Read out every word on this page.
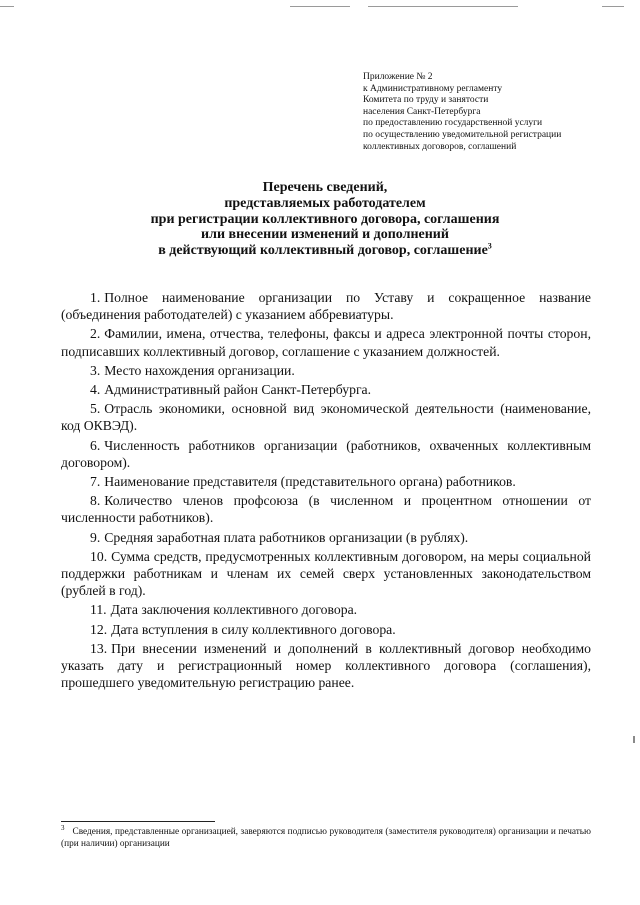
Приложение № 2
к Административному регламенту
Комитета по труду и занятости
населения Санкт-Петербурга
по предоставлению государственной услуги
по осуществлению уведомительной регистрации
коллективных договоров, соглашений
Перечень сведений,
представляемых работодателем
при регистрации коллективного договора, соглашения
или внесении изменений и дополнений
в действующий коллективный договор, соглашение$^3$

1. Полное наименование организации по Уставу и сокращенное название (объединения работодателей) с указанием аббревиатуры.

2. Фамилии, имена, отчества, телефоны, факсы и адреса электронной почты сторон, подписавших коллективный договор, соглашение с указанием должностей.

3. Место нахождения организации.

4. Административный район Санкт-Петербурга.

5. Отрасль экономики, основной вид экономической деятельности (наименование, код ОКВЭД).

6. Численность работников организации (работников, охваченных коллективным договором).

7. Наименование представителя (представительного органа) работников.

8. Количество членов профсоюза (в численном и процентном отношении от численности работников).

9. Средняя заработная плата работников организации (в рублях).

10. Сумма средств, предусмотренных коллективным договором, на меры социальной поддержки работникам и членам их семей сверх установленных законодательством (рублей в год).

11. Дата заключения коллективного договора.

12. Дата вступления в силу коллективного договора.

13. При внесении изменений и дополнений в коллективный договор необходимо указать дату и регистрационный номер коллективного договора (соглашения), прошедшего уведомительную регистрацию ранее.

$^3$ Сведения, представленные организацией, заверяются подписью руководителя (заместителя руководителя) организации и печатью (при наличии) организации
